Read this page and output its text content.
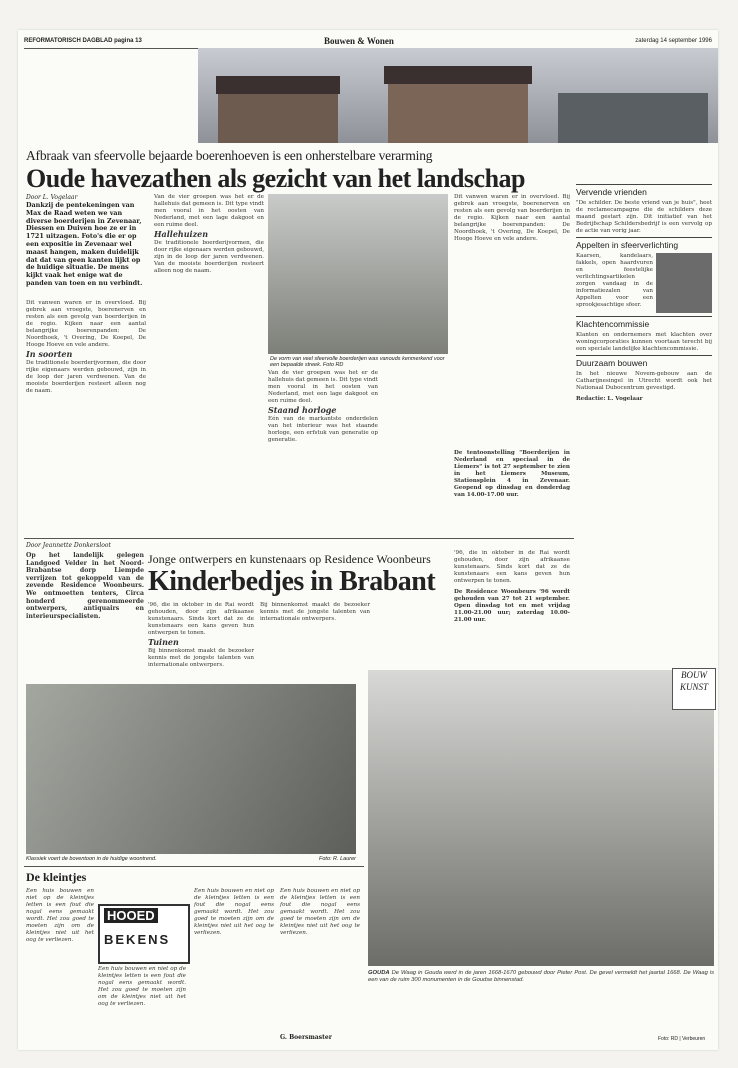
REFORMATORISCH DAGBLAD pagina 13	Bouwen & Wonen	zaterdag 14 september 1996
Afbraak van sfeervolle bejaarde boerenhoeven is een onherstelbare verarming
Oude havezathen als gezicht van het landschap
Door L. Vogelaar
Dankzij de pentekeningen van Max de Raad weten we van diverse boerderijen in Zevenaar, Diessen en Duiven hoe ze er in 1721 uitzagen. Foto's die er op een expositie in Zevenaar wel maast hangen, maken duidelijk dat dat van geen kanten lijkt op de huidige situatie. De mens kijkt vaak het enige wat de panden van toen en nu verbindt.
Dit vanwen waren er in overvloed. Bij gebrek aan vroegste, boerenerven en resten als een gevolg van boerderijen in de regio. Kijken naar een aantal belangrijke boerenpanden: De Noordhoek, 't Overing, De Koepel, De Hooge Hoeve en vele andere.
In soorten
De traditionele boerderijvormen, die door rijke eigenaars werden gebouwd, zijn in de loop der jaren verdwenen. Van de mooiste boerderijen resteert alleen nog de naam.
Van de vier groepen was het er de hallehuis dat gemeen is. Dit type vindt men vooral in het oosten van Nederland, met een lage dakgoot en een ruime deel.
Hallehuizen
De traditionele boerderijvormen, die door rijke eigenaars werden gebouwd, zijn in de loop der jaren verdwenen. Van de mooiste boerderijen resteert alleen nog de naam.
De vorm van veel sfeervolle boerderijen was vanouds kenmerkend voor een bepaalde streek. Foto RD
Dit vanwen waren er in overvloed. Bij gebrek aan vroegste, boerenerven en resten als een gevolg van boerderijen in de regio. Kijken naar een aantal belangrijke boerenpanden: De Noordhoek, 't Overing, De Koepel, De Hooge Hoeve en vele andere.
Van de vier groepen was het er de hallehuis dat gemeen is. Dit type vindt men vooral in het oosten van Nederland, met een lage dakgoot en een ruime deel.
Staand horloge
Eén van de markantste onderdelen van het interieur was het staande horloge, een erfstuk van generatie op generatie.
De tentoonstelling "Boerderijen in Nederland en speciaal in de Liemers" is tot 27 september te zien in het Liemers Museum, Stationsplein 4 in Zevenaar. Geopend op dinsdag en donderdag van 14.00-17.00 uur.
Vervende vrienden
"De schilder. De beste vriend van je huis", heet de reclamecampagne die de schilders deze maand gestart zijn. Dit initiatief van het Bedrijfschap Schildersbedrijf is een vervolg op de actie van vorig jaar.
Appelten in sfeerverlichting
Kaarsen, kandelaars, fakkels, open haardvuren en feestelijke verlichtingsartikelen zorgen vandaag in de informatiezalen van Appelten voor een sprookjesachtige sfeer.
Klachtencommissie
Klanten en ondernemers met klachten over woningcorporaties kunnen voortaan terecht bij een speciale landelijke klachtencommissie.
Duurzaam bouwen
In het nieuwe Novem-gebouw aan de Catharijnesingel in Utrecht wordt ook het Nationaal Dubocentrum gevestigd.
Redactie: L. Vogelaar
Door Jeannette Donkersloot
Op het landelijk gelegen Landgoed Velder in het Noord-Brabantse dorp Liempde verrijzen tot gekoppeld van de zevende Residence Woonbeurs. We ontmoetten tenters, Circa honderd gerenommeerde ontwerpers, antiquairs en interieurspecialisten.
Jonge ontwerpers en kunstenaars op Residence Woonbeurs
Kinderbedjes in Brabant
'96, die in oktober in de Rai wordt gehouden, door zijn afrikaanse kunstenaars. Sinds kort dat ze de kunstenaars een kans geven hun ontwerpen te tonen.
Tuinen
Bij binnenkomst maakt de bezoeker kennis met de jongste talenten van internationale ontwerpers.
Bij binnenkomst maakt de bezoeker kennis met de jongste talenten van internationale ontwerpers.
'96, die in oktober in de Rai wordt gehouden, door zijn afrikaanse kunstenaars. Sinds kort dat ze de kunstenaars een kans geven hun ontwerpen te tonen.
De Residence Woonbeurs '96 wordt gehouden van 27 tot 21 september. Open dinsdag tot en met vrijdag 11.00-21.00 uur; zaterdag 10.00-21.00 uur.
Klassiek voert de boventoon in de huidige woontrend.	Foto: R. Laurer
De kleintjes
Een huis bouwen en niet op de kleintjes letten is een fout die nogal eens gemaakt wordt. Het zou goed te moeten zijn om de kleintjes niet uit het oog te verliezen.
HOOED
BEKENS
Een huis bouwen en niet op de kleintjes letten is een fout die nogal eens gemaakt wordt. Het zou goed te moeten zijn om de kleintjes niet uit het oog te verliezen.
Een huis bouwen en niet op de kleintjes letten is een fout die nogal eens gemaakt wordt. Het zou goed te moeten zijn om de kleintjes niet uit het oog te verliezen.
Een huis bouwen en niet op de kleintjes letten is een fout die nogal eens gemaakt wordt. Het zou goed te moeten zijn om de kleintjes niet uit het oog te verliezen.
G. Boersmaster
BOUW KUNST
GOUDA De Waag in Gouda werd in de jaren 1668-1670 gebouwd door Pieter Post. De gevel vermeldt het jaartal 1668. De Waag is een van de ruim 300 monumenten in de Goudse binnenstad.
Foto: RD | Verbeuren
